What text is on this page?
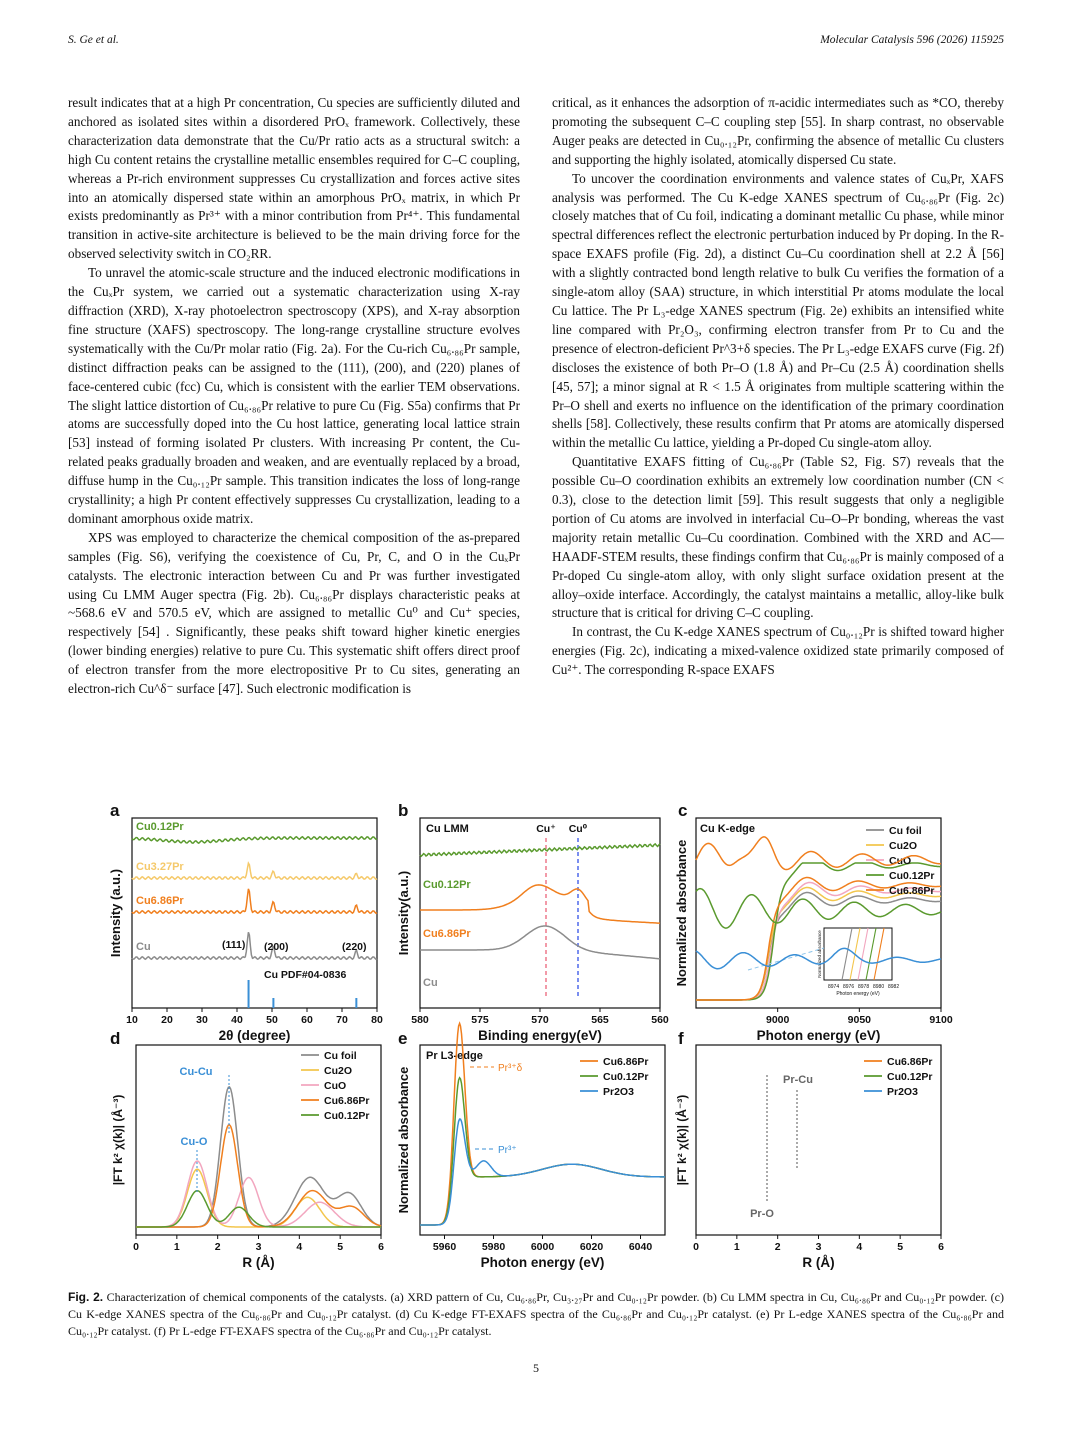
S. Ge et al.	Molecular Catalysis 596 (2026) 115925

result indicates that at a high Pr concentration, Cu species are sufficiently diluted and anchored as isolated sites within a disordered PrOₓ framework. Collectively, these characterization data demonstrate that the Cu/Pr ratio acts as a structural switch: a high Cu content retains the crystalline metallic ensembles required for C–C coupling, whereas a Pr-rich environment suppresses Cu crystallization and forces active sites into an atomically dispersed state within an amorphous PrOₓ matrix, in which Pr exists predominantly as Pr³⁺ with a minor contribution from Pr⁴⁺. This fundamental transition in active-site architecture is believed to be the main driving force for the observed selectivity switch in CO₂RR.

To unravel the atomic-scale structure and the induced electronic modifications in the CuₓPr system, we carried out a systematic characterization using X-ray diffraction (XRD), X-ray photoelectron spectroscopy (XPS), and X-ray absorption fine structure (XAFS) spectroscopy. The long-range crystalline structure evolves systematically with the Cu/Pr molar ratio (Fig. 2a). For the Cu-rich Cu₆.₈₆Pr sample, distinct diffraction peaks can be assigned to the (111), (200), and (220) planes of face-centered cubic (fcc) Cu, which is consistent with the earlier TEM observations. The slight lattice distortion of Cu₆.₈₆Pr relative to pure Cu (Fig. S5a) confirms that Pr atoms are successfully doped into the Cu host lattice, generating local lattice strain [53] instead of forming isolated Pr clusters. With increasing Pr content, the Cu-related peaks gradually broaden and weaken, and are eventually replaced by a broad, diffuse hump in the Cu₀.₁₂Pr sample. This transition indicates the loss of long-range crystallinity; a high Pr content effectively suppresses Cu crystallization, leading to a dominant amorphous oxide matrix.

XPS was employed to characterize the chemical composition of the as-prepared samples (Fig. S6), verifying the coexistence of Cu, Pr, C, and O in the CuₓPr catalysts. The electronic interaction between Cu and Pr was further investigated using Cu LMM Auger spectra (Fig. 2b). Cu₆.₈₆Pr displays characteristic peaks at ~568.6 eV and 570.5 eV, which are assigned to metallic Cu⁰ and Cu⁺ species, respectively [54] . Significantly, these peaks shift toward higher kinetic energies (lower binding energies) relative to pure Cu. This systematic shift offers direct proof of electron transfer from the more electropositive Pr to Cu sites, generating an electron-rich Cu^δ⁻ surface [47]. Such electronic modification is

critical, as it enhances the adsorption of π-acidic intermediates such as *CO, thereby promoting the subsequent C–C coupling step [55]. In sharp contrast, no observable Auger peaks are detected in Cu₀.₁₂Pr, confirming the absence of metallic Cu clusters and supporting the highly isolated, atomically dispersed Cu state.

To uncover the coordination environments and valence states of CuₓPr, XAFS analysis was performed. The Cu K-edge XANES spectrum of Cu₆.₈₆Pr (Fig. 2c) closely matches that of Cu foil, indicating a dominant metallic Cu phase, while minor spectral differences reflect the electronic perturbation induced by Pr doping. In the R-space EXAFS profile (Fig. 2d), a distinct Cu–Cu coordination shell at 2.2 Å [56] with a slightly contracted bond length relative to bulk Cu verifies the formation of a single-atom alloy (SAA) structure, in which interstitial Pr atoms modulate the local Cu lattice. The Pr L₃-edge XANES spectrum (Fig. 2e) exhibits an intensified white line compared with Pr₂O₃, confirming electron transfer from Pr to Cu and the presence of electron-deficient Pr^3+δ species. The Pr L₃-edge EXAFS curve (Fig. 2f) discloses the existence of both Pr–O (1.8 Å) and Pr–Cu (2.5 Å) coordination shells [45, 57]; a minor signal at R < 1.5 Å originates from multiple scattering within the Pr–O shell and exerts no influence on the identification of the primary coordination shells [58]. Collectively, these results confirm that Pr atoms are atomically dispersed within the metallic Cu lattice, yielding a Pr-doped Cu single-atom alloy.

Quantitative EXAFS fitting of Cu₆.₈₆Pr (Table S2, Fig. S7) reveals that the possible Cu–O coordination exhibits an extremely low coordination number (CN < 0.3), close to the detection limit [59]. This result suggests that only a negligible portion of Cu atoms are involved in interfacial Cu–O–Pr bonding, whereas the vast majority retain metallic Cu–Cu coordination. Combined with the XRD and AC—HAADF-STEM results, these findings confirm that Cu₆.₈₆Pr is mainly composed of a Pr-doped Cu single-atom alloy, with only slight surface oxidation present at the alloy–oxide interface. Accordingly, the catalyst maintains a metallic, alloy-like bulk structure that is critical for driving C–C coupling.

In contrast, the Cu K-edge XANES spectrum of Cu₀.₁₂Pr is shifted toward higher energies (Fig. 2c), indicating a mixed-valence oxidized state primarily composed of Cu²⁺. The corresponding R-space EXAFS

a
Cu0.12Pr
Cu3.27Pr
Cu6.86Pr
Cu	(111) (200)	(220)
Cu PDF#04-0836
10 20 30 40 50 60 70 80
2θ (degree)
Intensity (a.u.)
b
Cu LMM	Cu⁺ Cu⁰
Cu0.12Pr
Cu6.86Pr
Cu
580	575	570	565	560
Binding energy(eV)
Intensity(a.u.)
c
Cu K-edge	Cu foil
Cu2O
CuO
Cu0.12Pr
Cu6.86Pr
8974 8976 8978 8980 8982
Photon energy (eV)
Normalized absorbance
9000	9050	9100
Photon energy (eV)
Normalized absorbance
d
Cu-Cu
Cu-O
Cu foil
Cu2O
CuO
Cu6.86Pr
Cu0.12Pr
0	1	2	3	4	5	6
R (Å)
|FT k² χ(k)| (Å⁻³)
e
Pr L3-edge
Pr³⁺δ
Pr³⁺
Cu6.86Pr
Cu0.12Pr
Pr2O3
5960 5980 6000 6020 6040
Photon energy (eV)
Normalized absorbance
f
Pr-Cu
Pr-O
Cu6.86Pr
Cu0.12Pr
Pr2O3
0	1	2	3	4	5	6
R (Å)
|FT k² χ(k)| (Å⁻³)
Fig. 2. Characterization of chemical components of the catalysts. (a) XRD pattern of Cu, Cu₆.₈₆Pr, Cu₃.₂₇Pr and Cu₀.₁₂Pr powder. (b) Cu LMM spectra in Cu, Cu₆.₈₆Pr and Cu₀.₁₂Pr powder. (c) Cu K-edge XANES spectra of the Cu₆.₈₆Pr and Cu₀.₁₂Pr catalyst. (d) Cu K-edge FT-EXAFS spectra of the Cu₆.₈₆Pr and Cu₀.₁₂Pr catalyst. (e) Pr L-edge XANES spectra of the Cu₆.₈₆Pr and Cu₀.₁₂Pr catalyst. (f) Pr L-edge FT-EXAFS spectra of the Cu₆.₈₆Pr and Cu₀.₁₂Pr catalyst.
5
